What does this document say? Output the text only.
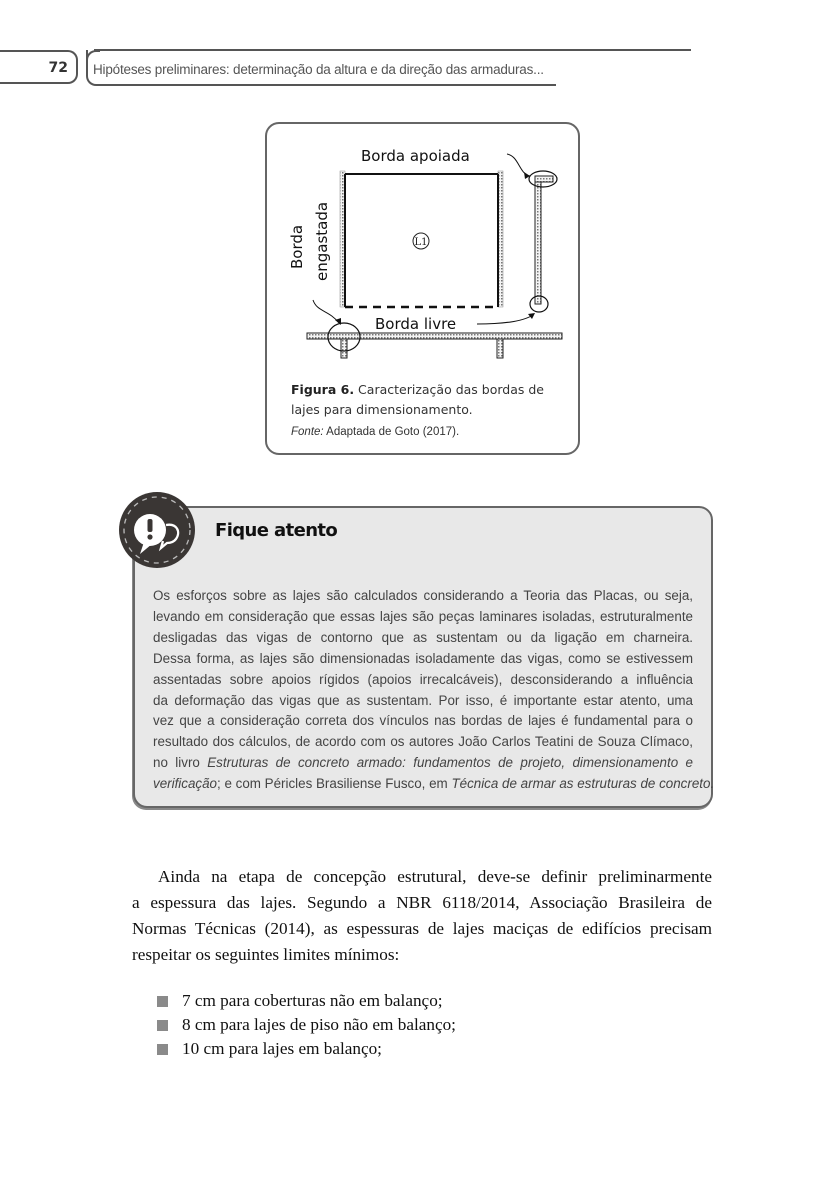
72 Hipóteses preliminares: determinação da altura e da direção das armaduras...
Borda apoiada
Borda engastada	L1
Borda livre
Figura 6. Caracterização das bordas de lajes para dimensionamento.
Fonte: Adaptada de Goto (2017).
Fique atento
Os esforços sobre as lajes são calculados considerando a Teoria das Placas, ou seja,
levando em consideração que essas lajes são peças laminares isoladas, estruturalmente
desligadas das vigas de contorno que as sustentam ou da ligação em charneira.
Dessa forma, as lajes são dimensionadas isoladamente das vigas, como se estivessem
assentadas sobre apoios rígidos (apoios irrecalcáveis), desconsiderando a influência
da deformação das vigas que as sustentam. Por isso, é importante estar atento, uma
vez que a consideração correta dos vínculos nas bordas de lajes é fundamental para o
resultado dos cálculos, de acordo com os autores João Carlos Teatini de Souza Clímaco,
no livro Estruturas de concreto armado: fundamentos de projeto, dimensionamento e
verificação; e com Péricles Brasiliense Fusco, em Técnica de armar as estruturas de concreto.
Ainda na etapa de concepção estrutural, deve-se definir preliminarmente
a espessura das lajes. Segundo a NBR 6118/2014, Associação Brasileira de
Normas Técnicas (2014), as espessuras de lajes maciças de edifícios precisam
respeitar os seguintes limites mínimos:
7 cm para coberturas não em balanço;
8 cm para lajes de piso não em balanço;
10 cm para lajes em balanço;
